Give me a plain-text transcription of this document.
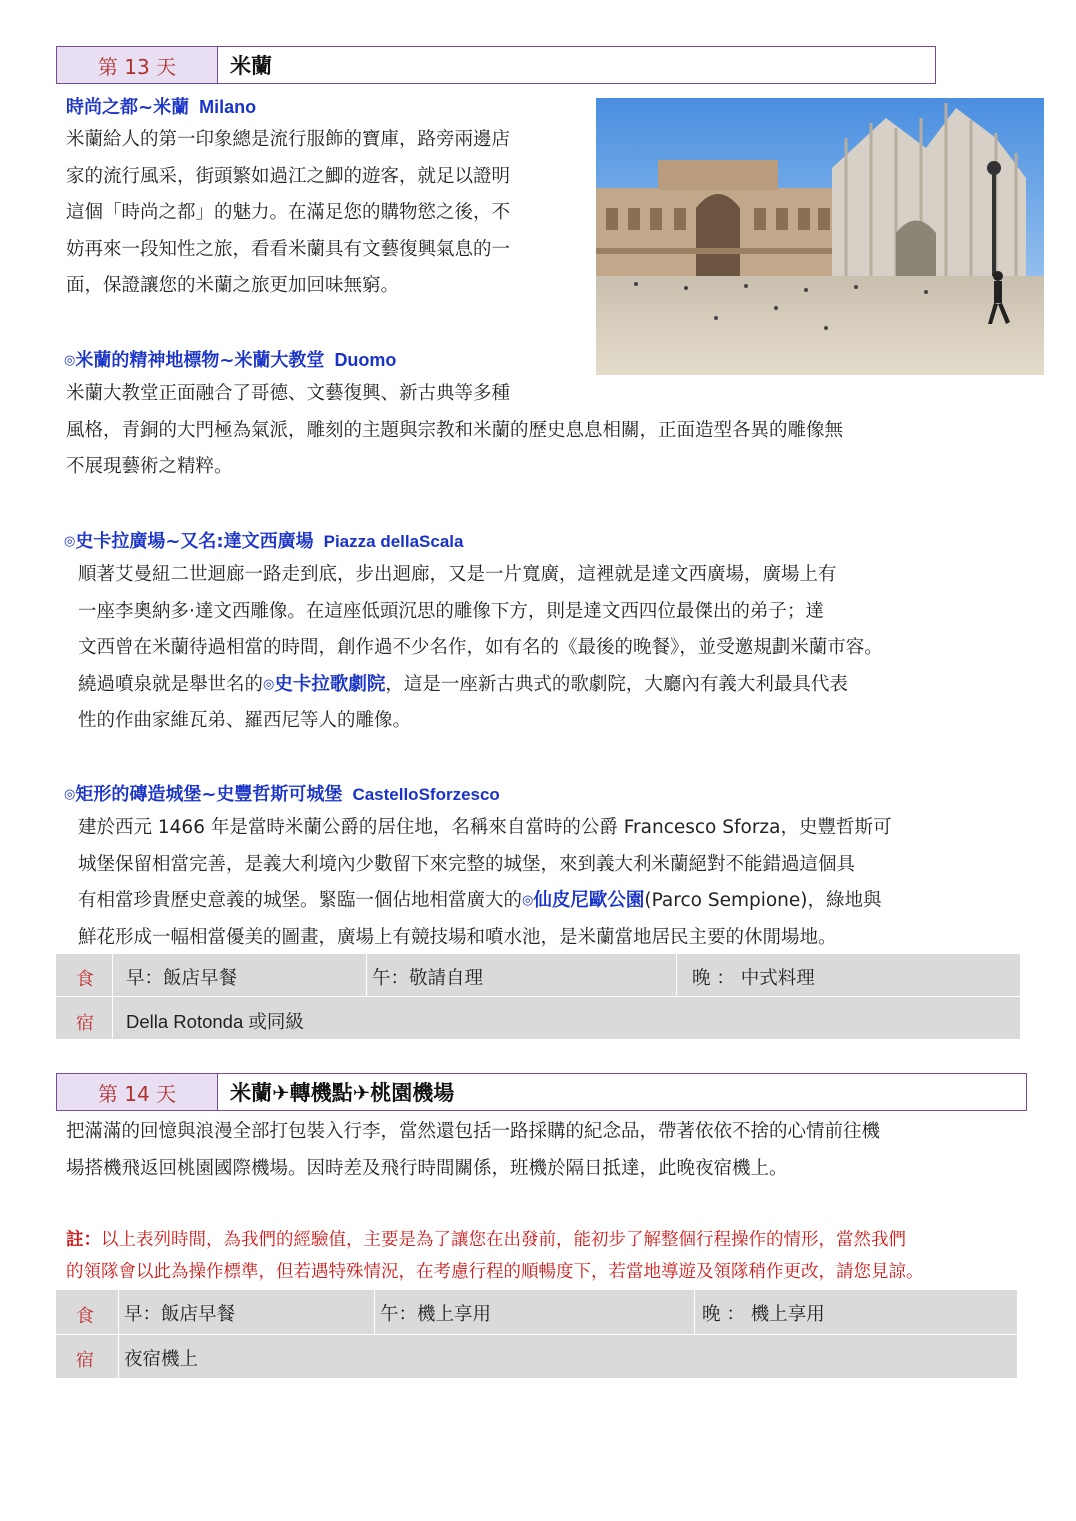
第 13 天	米蘭
時尚之都~米蘭 Milano
米蘭給人的第一印象總是流行服飾的寶庫，路旁兩邊店
家的流行風采，街頭繁如過江之鯽的遊客，就足以證明
這個「時尚之都」的魅力。在滿足您的購物慾之後，不
妨再來一段知性之旅，看看米蘭具有文藝復興氣息的一
面，保證讓您的米蘭之旅更加回味無窮。
◎米蘭的精神地標物~米蘭大教堂 Duomo
米蘭大教堂正面融合了哥德、文藝復興、新古典等多種
風格，青銅的大門極為氣派，雕刻的主題與宗教和米蘭的歷史息息相關，正面造型各異的雕像無
不展現藝術之精粹。
◎史卡拉廣場~又名:達文西廣場 Piazza dellaScala
順著艾曼紐二世迴廊一路走到底，步出迴廊，又是一片寬廣，這裡就是達文西廣場，廣場上有
一座李奧納多‧達文西雕像。在這座低頭沉思的雕像下方，則是達文西四位最傑出的弟子；達
文西曾在米蘭待過相當的時間，創作過不少名作，如有名的《最後的晚餐》，並受邀規劃米蘭市容。
繞過噴泉就是舉世名的◎史卡拉歌劇院，這是一座新古典式的歌劇院，大廳內有義大利最具代表
性的作曲家維瓦弟、羅西尼等人的雕像。
◎矩形的磚造城堡~史豐哲斯可城堡 CastelloSforzesco
建於西元 1466 年是當時米蘭公爵的居住地，名稱來自當時的公爵 Francesco Sforza，史豐哲斯可
城堡保留相當完善，是義大利境內少數留下來完整的城堡，來到義大利米蘭絕對不能錯過這個具
有相當珍貴歷史意義的城堡。緊臨一個佔地相當廣大的◎仙皮尼歐公園(Parco Sempione)，綠地與
鮮花形成一幅相當優美的圖畫，廣場上有競技場和噴水池，是米蘭當地居民主要的休閒場地。
食 早：飯店早餐	午：敬請自理	晚 ： 中式料理
宿 Della Rotonda 或同級
第 14 天	米蘭✈轉機點✈桃園機場
把滿滿的回憶與浪漫全部打包裝入行李，當然還包括一路採購的紀念品，帶著依依不捨的心情前往機
場搭機飛返回桃園國際機場。因時差及飛行時間關係，班機於隔日抵達，此晚夜宿機上。
註：以上表列時間，為我們的經驗值，主要是為了讓您在出發前，能初步了解整個行程操作的情形，當然我們
的領隊會以此為操作標準，但若遇特殊情況，在考慮行程的順暢度下，若當地導遊及領隊稍作更改，請您見諒。
食 早：飯店早餐	午：機上享用	晚 ： 機上享用
宿 夜宿機上
